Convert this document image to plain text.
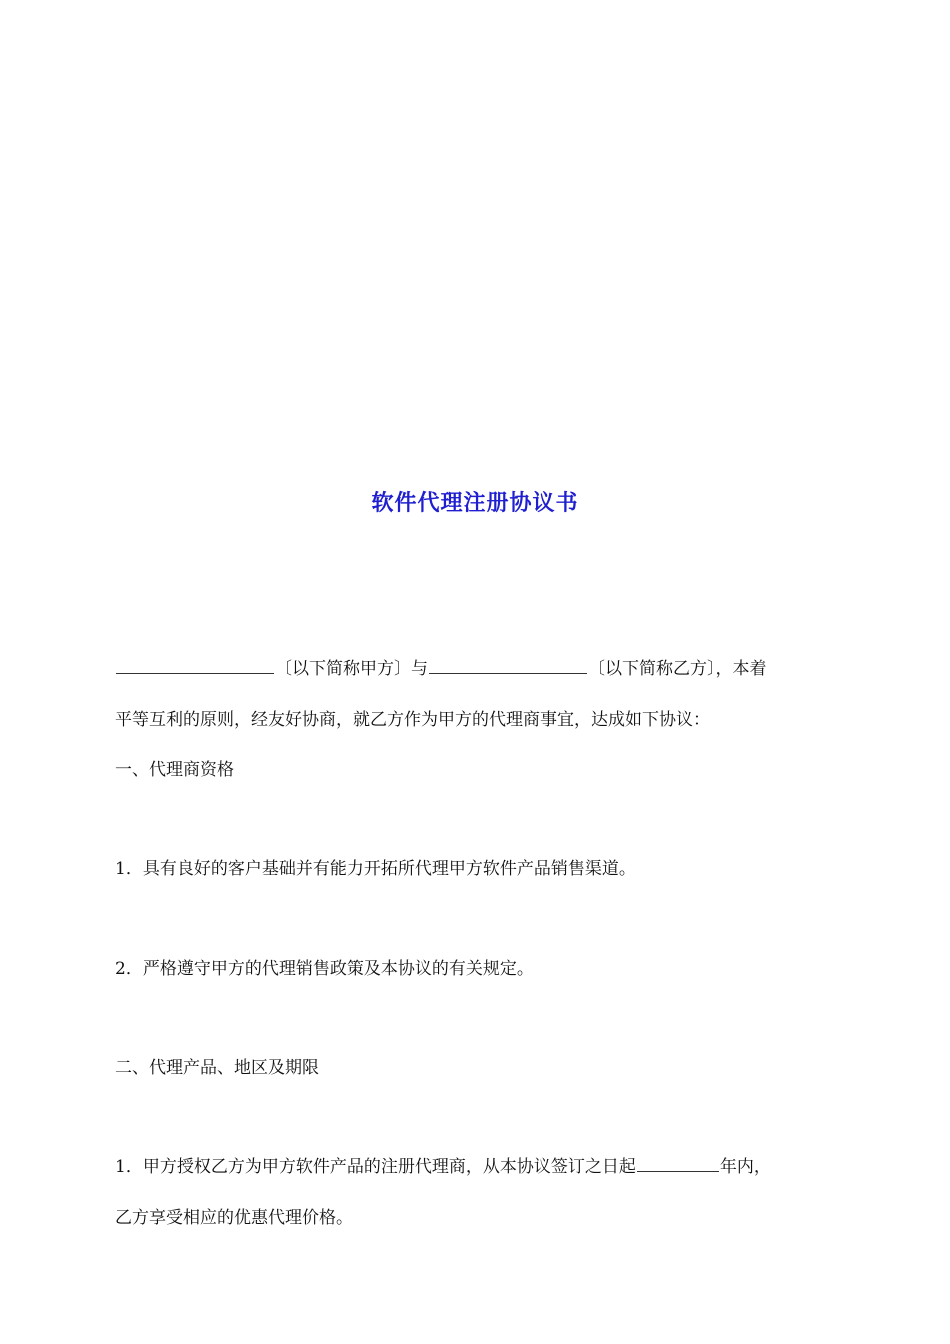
软件代理注册协议书
〔以下简称甲方〕与	〔以下简称乙方〕，本着
平等互利的原则，经友好协商，就乙方作为甲方的代理商事宜，达成如下协议：
一、代理商资格
1．具有良好的客户基础并有能力开拓所代理甲方软件产品销售渠道。
2．严格遵守甲方的代理销售政策及本协议的有关规定。
二、代理产品、地区及期限
1．甲方授权乙方为甲方软件产品的注册代理商，从本协议签订之日起	年内，
乙方享受相应的优惠代理价格。
